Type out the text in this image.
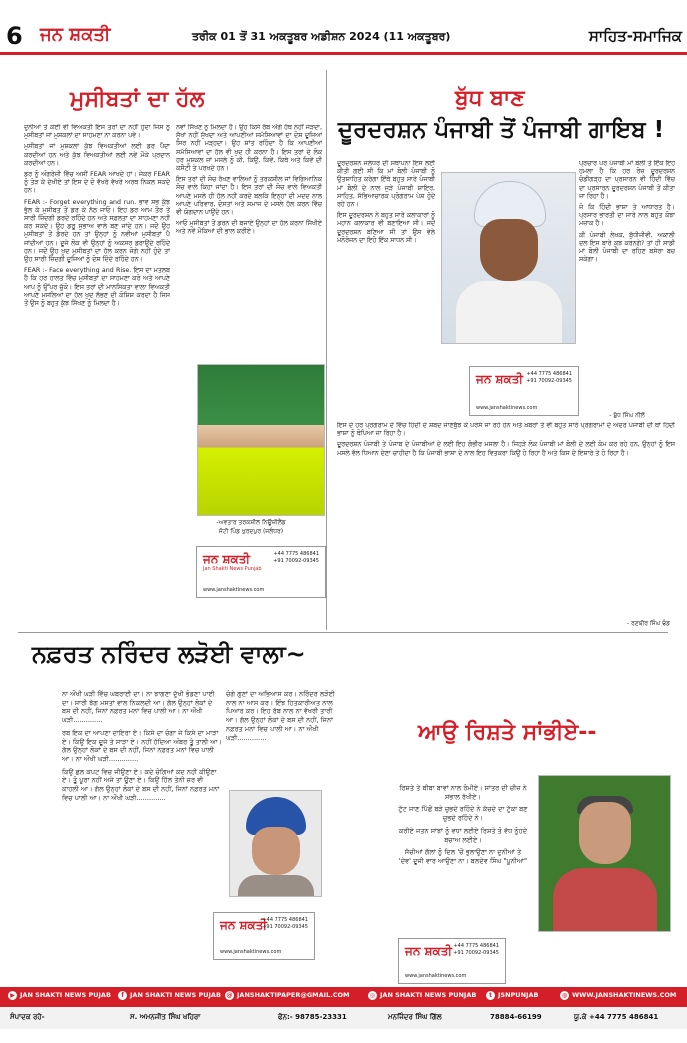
6 ਜਨ ਸ਼ਕਤੀ	ਤਰੀਕ 01 ਤੋਂ 31 ਅਕਤੂਬਰ ਅਡੀਸ਼ਨ 2024 (11 ਅਕਤੂਬਰ)	ਸਾਹਿਤ-ਸਮਾਜਿਕ
ਮੁਸੀਬਤਾਂ ਦਾ ਹੱਲ

ਦੁਨੀਆਂ ਤੇ ਕੋਈ ਵੀ ਵਿਅਕਤੀ ਇਸ ਤਰਾਂ ਦਾ ਨਹੀਂ ਹੁੰਦਾ ਜਿਸ ਨੂੰ ਮੁਸੀਬਤਾਂ ਜਾਂ ਮੁਸ਼ਕਲਾਂ ਦਾ ਸਾਹਮਣਾ ਨਾ ਕਰਨਾ ਪਵੇ।

ਮੁਸੀਬਤਾਂ ਜਾਂ ਮੁਸ਼ਕਲਾਂ ਕੁੱਝ ਵਿਅਕਤੀਆਂ ਲਈ ਡਰ ਪੈਦਾ ਕਰਦੀਆਂ ਹਨ ਅਤੇ ਕੁੱਝ ਵਿਅਕਤੀਆਂ ਲਈ ਨਵੇਂ ਮੌਕੇ ਪ੍ਰਦਾਨ ਕਰਦੀਆਂ ਹਨ।

ਡਰ ਨੂੰ ਅੰਗਰੇਜ਼ੀ ਵਿੱਚ ਅਸੀਂ FEAR ਆਖਦੇ ਹਾਂ। ਜੇਕਰ FEAR ਨੂੰ ਤੋੜ ਕੇ ਦੇਖੀਏ ਤਾਂ ਇਸ ਦੇ ਦੋ ਵੱਖਰੇ ਵੱਖਰੇ ਅਰਥ ਨਿਕਲ ਸਕਦੇ ਹਨ।

FEAR :- Forget everything and run. ਭਾਵ ਸਭ ਕੁੱਝ ਭੁੱਲ ਕੇ ਮੁਸੀਬਤ ਤੋਂ ਡਰ ਕੇ ਨੱਠ ਜਾਓ। ਇਹ ਡਰ ਆਮ ਤੌਰ ਤੇ ਸਾਰੀ ਜ਼ਿੰਦਗੀ ਡਰਦੇ ਰਹਿੰਦੇ ਹਨ ਅਤੇ ਸਫ਼ਲਤਾ ਦਾ ਸਾਹਮਣਾ ਨਹੀਂ ਕਰ ਸਕਦੇ। ਉਹ ਡਰੂ ਸੁਭਾਅ ਵਾਲੇ ਬਣ ਜਾਂਦੇ ਹਨ। ਜਦੋਂ ਉਹ ਮੁਸੀਬਤਾਂ ਤੋਂ ਡੱਰਦੇ ਹਨ ਤਾਂ ਉਨ੍ਹਾਂ ਨੂੰ ਨਵੀਆਂ ਮੁਸੀਬਤਾਂ ਪੈ ਜਾਂਦੀਆਂ ਹਨ। ਦੂਜੇ ਲੋਕ ਵੀ ਉਨ੍ਹਾਂ ਨੂੰ ਅਕਸਰ ਡਰਾਉਂਦੇ ਰਹਿੰਦੇ ਹਨ। ਜਦੋਂ ਉਹ ਖੁਦ ਮੁਸੀਬਤਾਂ ਦਾ ਹੱਲ ਕਰਨ ਜੋਗੇ ਨਹੀਂ ਹੁੰਦੇ ਤਾਂ ਉਹ ਸਾਰੀ ਜ਼ਿੰਦਗੀ ਦੂਜਿਆਂ ਨੂੰ ਦੋਸ਼ ਦਿੰਦੇ ਰਹਿੰਦੇ ਹਨ।

FEAR :- Face everything and Rise. ਇਸ ਦਾ ਮਤਲਬ ਹੈ ਕਿ ਹਰ ਹਾਲਤ ਵਿੱਚ ਮੁਸੀਬਤਾਂ ਦਾ ਸਾਹਮਣਾ ਕਰੋ ਅਤੇ ਆਪਣੇ ਆਪ ਨੂੰ ਉੱਪਰ ਚੁੱਕੋ। ਇਸ ਤਰਾਂ ਦੀ ਮਾਨਸਿਕਤਾ ਵਾਲਾ ਵਿਅਕਤੀ ਆਪਣੇ ਮਸਲਿਆਂ ਦਾ ਹੱਲ ਖੁਦ ਲੱਭਣ ਦੀ ਕੋਸ਼ਿਸ਼ ਕਰਦਾ ਹੈ ਜਿਸ ਤੋਂ ਉਸ ਨੂੰ ਬਹੁਤ ਕੁੱਝ ਸਿੱਖਣ ਨੂੰ ਮਿਲਦਾ ਹੈ।

ਨਵਾਂ ਸਿੱਖਣ ਨੂੰ ਮਿਲਦਾ ਹੈ। ਉਹ ਕਿਸੇ ਰੱਬ ਅੱਗੇ ਹੱਥ ਨਹੀਂ ਜੋੜਦਾ, ਸੁੱਖਾਂ ਨਹੀਂ ਸੁੱਖਦਾ ਅਤੇ ਆਪਣੀਆਂ ਸਮੱਸਿਆਵਾਂ ਦਾ ਦੋਸ਼ ਦੂਜਿਆਂ ਸਿਰ ਨਹੀਂ ਮੜ੍ਹਦਾ। ਉਹ ਸ਼ਾਂਤ ਰਹਿੰਦਾ ਹੈ ਕਿ ਆਪਣੀਆਂ ਸਮੱਸਿਆਵਾਂ ਦਾ ਹੱਲ ਵੀ ਖੁਦ ਹੀ ਕਰਨਾ ਹੈ। ਇਸ ਤਰਾਂ ਦੇ ਲੋਕ ਹਰ ਮੁਸ਼ਕਲ ਜਾਂ ਮਸਲੇ ਨੂੰ ਕੀ, ਕਿਉਂ, ਕਿਵੇਂ, ਕਿਥੇ ਅਤੇ ਕਿਵੇਂ ਦੀ ਕਸੌਟੀ ਤੇ ਪਰਖਦੇ ਹਨ।

ਇਸ ਤਰਾਂ ਦੀ ਸੋਚ ਰੱਖਣ ਵਾਲਿਆਂ ਨੂੰ ਤਰਕਸ਼ੀਲ ਜਾਂ ਵਿਗਿਆਨਿਕ ਸੋਚ ਵਾਲੇ ਕਿਹਾ ਜਾਂਦਾ ਹੈ। ਇਸ ਤਰਾਂ ਦੀ ਸੋਚ ਵਾਲੇ ਵਿਅਕਤੀ ਆਪਣੇ ਮਸਲੇ ਹੀ ਹੱਲ ਨਹੀਂ ਕਰਦੇ ਬਲਕਿ ਇਨ੍ਹਾਂ ਦੀ ਮਦਦ ਨਾਲ ਆਪਣੇ ਪਰਿਵਾਰ, ਦੋਸਤਾਂ ਅਤੇ ਸਮਾਜ ਦੇ ਮਸਲੇ ਹੱਲ ਕਰਨ ਵਿੱਚ ਵੀ ਯੋਗਦਾਨ ਪਾਉਂਦੇ ਹਨ।

ਆਓ ਮੁਸੀਬਤਾਂ ਤੋਂ ਡਰਨ ਦੀ ਬਜਾਏ ਉਨ੍ਹਾਂ ਦਾ ਹੱਲ ਕਰਨਾ ਸਿੱਖੀਏ ਅਤੇ ਨਵੇਂ ਮੌਕਿਆਂ ਦੀ ਭਾਲ ਕਰੀਏ।

-ਅਵਤਾਰ ਤਰਕਸ਼ੀਲ ਨਿਊਜ਼ੀਲੈਂਡ
ਜੱਟੀ ਪਿੰਡ ਖੁਰਦਪੁਰ (ਜਲੰਧਰ)
ਜਨ ਸ਼ਕਤੀ	+44 7775 486841
+91 70092-09345
Jan Shakti News Punjab
www.janshaktinews.com
ਬੁੱਧ ਬਾਣ
ਦੂਰਦਰਸ਼ਨ ਪੰਜਾਬੀ ਤੋਂ ਪੰਜਾਬੀ ਗਾਇਬ !

ਦੂਰਦਰਸ਼ਨ ਜਲੰਧਰ ਦੀ ਸਥਾਪਨਾ ਇਸ ਲਈ ਕੀਤੀ ਗਈ ਸੀ ਕਿ ਮਾਂ ਬੋਲੀ ਪੰਜਾਬੀ ਨੂੰ ਉਤਸ਼ਾਹਿਤ ਕਰੇਗਾ ਇੱਥੇ ਬਹੁਤ ਸਾਰੇ ਪੰਜਾਬੀ ਮਾਂ ਬੋਲੀ ਦੇ ਨਾਲ ਜੁੜੇ ਪੰਜਾਬੀ ਸ਼ਾਇਰ, ਸਾਹਿਤ, ਸੱਭਿਆਚਾਰਕ ਪ੍ਰੋਗਰਾਮ ਪੇਸ਼ ਹੁੰਦੇ ਰਹੇ ਹਨ।

ਇਸ ਦੂਰਦਰਸ਼ਨ ਨੇ ਬਹੁਤ ਸਾਰੇ ਕਲਾਕਾਰਾਂ ਨੂੰ ਮਹਾਨ ਕਲਾਕਾਰ ਵੀ ਬਣਾਇਆ ਸੀ। ਜਦੋਂ ਦੂਰਦਰਸ਼ਨ ਬਣਿਆ ਸੀ ਤਾਂ ਉਸ ਵੇਲੇ ਮਨੋਰੰਜਨ ਦਾ ਇਹੋ ਇੱਕ ਸਾਧਨ ਸੀ।

ਪ੍ਰਚਾਰ ਪਰ ਪੰਜਾਬੀ ਮਾਂ ਬੋਲੀ ਤੇ ਇੱਕ ਇਹ ਹਮਲਾ ਹੈ ਕਿ ਹਰ ਰੋਜ਼ ਦੂਰਦਰਸ਼ਨ ਚੰਡੀਗੜ੍ਹ ਦਾ ਪ੍ਰਸਾਰਨ ਵੀ ਹਿੰਦੀ ਵਿੱਚ ਦਾ ਪ੍ਰਸਾਰਨ ਦੂਰਦਰਸ਼ਨ ਪੰਜਾਬੀ ਤੋਂ ਕੀਤਾ ਜਾ ਰਿਹਾ ਹੈ।

ਜੋ ਕਿ ਹਿੰਦੀ ਭਾਸ਼ਾ ਤੇ ਆਧਾਰਤ ਹੈ। ਪ੍ਰਸਾਰ ਭਾਰਤੀ ਦਾ ਸਾਰੇ ਨਾਲ ਬਹੁਤ ਕੋਝਾ ਮਜ਼ਾਕ ਹੈ।

ਕੀ ਪੰਜਾਬੀ ਲੇਖਕ, ਬੁੱਧੀਜੀਵੀ, ਅਕਾਲੀ ਦਲ ਇਸ ਬਾਰੇ ਕੁਝ ਕਰਨਗੇ? ਤਾਂ ਹੀ ਸਾਡੀ ਮਾਂ ਬੋਲੀ ਪੰਜਾਬੀ ਦਾ ਰਹਿਣ ਬਸੇਰਾ ਬਚ ਸਕੇਗਾ।

- ਬੁੱਧ ਸਿੰਘ ਨੀਲੋਂ
ਜਨ ਸ਼ਕਤੀ +44 7775 486841
+91 70092-09345
www.janshaktinews.com

ਇਸ ਦੇ ਹਰ ਪ੍ਰੋਗਰਾਮ ਦੇ ਵਿੱਚ ਹਿੰਦੀ ਦੇ ਸ਼ਬਦ ਜਾਣਬੁੱਝ ਕੇ ਪਰੋਸੇ ਜਾ ਰਹੇ ਹਨ ਅਤੇ ਖ਼ਬਰਾਂ ਤੇ ਵੀ ਬਹੁਤ ਸਾਰੇ ਪ੍ਰੋਗਰਾਮਾਂ ਦੇ ਅੰਦਰ ਪੰਜਾਬੀ ਦੀ ਥਾਂ ਹਿੰਦੀ ਭਾਸ਼ਾ ਨੂੰ ਥੋਪਿਆ ਜਾ ਰਿਹਾ ਹੈ।

ਦੂਰਦਰਸ਼ਨ ਪੰਜਾਬੀ ਤੇ ਪੰਜਾਬ ਦੇ ਪੰਜਾਬੀਆਂ ਦੇ ਲਈ ਇਹ ਗੰਭੀਰ ਮਸਲਾ ਹੈ। ਜਿਹੜੇ ਲੋਕ ਪੰਜਾਬੀ ਮਾਂ ਬੋਲੀ ਦੇ ਲਈ ਕੰਮ ਕਰ ਰਹੇ ਹਨ, ਉਨ੍ਹਾਂ ਨੂੰ ਇਸ ਮਸਲੇ ਵੱਲ ਧਿਆਨ ਦੇਣਾ ਚਾਹੀਦਾ ਹੈ ਕਿ ਪੰਜਾਬੀ ਭਾਸ਼ਾ ਦੇ ਨਾਲ ਇਹ ਵਿਤਕਰਾ ਕਿਉਂ ਹੋ ਰਿਹਾ ਹੈ ਅਤੇ ਕਿਸ ਦੇ ਇਸ਼ਾਰੇ ਤੇ ਹੋ ਰਿਹਾ ਹੈ।

- ਰਣਬੀਰ ਸਿੰਘ ਢੰਡ
ਨਫ਼ਰਤ ਨਰਿੰਦਰ ਲੜੋਈ ਵਾਲਾ~

ਨਾ ਔਖੀ ਘੜੀ ਵਿੱਚ ਘਬਰਾਈ ਦਾ। ਨਾ ਝਾਗਣਾ ਦੁੱਖੀ ਭੰਡਣਾ ਪਾਈ ਦਾ। ਸਾਰੀ ਝੱਗ ਮਸਤਾਂ ਵਾਲ ਨਿਕਲਦੀ ਆ। ਗੱਲ ਉਨ੍ਹਾਂ ਲੋਕਾਂ ਦੇ ਬਸ ਦੀ ਨਹੀਂ, ਜਿਨਾਂ ਨਫ਼ਰਤ ਮਨਾਂ ਵਿਚ ਪਾਲੀ ਆ। ਨਾ ਔਖੀ ਘੜੀ..............

ਰਬ ਇਕ ਦਾ ਆਪਣਾ ਦਾਇਰਾ ਏ। ਕਿਸੇ ਦਾ ਚੰਗਾ ਜੇ ਕਿਸੇ ਦਾ ਮਾੜਾ ਏ। ਕਿਉਂ ਇਕ ਦੂਜੇ ਤੇ ਸਾੜਾ ਏ। ਨਹੀਂ ਹੱਦਿਆ ਅੰਬਰ ਤੂੰ ਤਾਲੀ ਆ। ਗੱਲ ਉਨ੍ਹਾਂ ਲੋਕਾਂ ਦੇ ਬਸ ਦੀ ਨਹੀਂ, ਜਿਨਾਂ ਨਫ਼ਰਤ ਮਨਾਂ ਵਿਚ ਪਾਲੀ ਆ। ਨਾ ਔਖੀ ਘੜੀ..............

ਕਿਉਂ ਛਲ ਕਪਟ ਵਿਚ ਜੀਉਣਾ ਏ। ਕਦੇ ਚੰਗਿਆਂ ਕਦ ਨਹੀਂ ਕੀਉਣਾ ਏ। ਤੂੰ ਪੂਰਾ ਨਹੀਂ ਅਜੇ ਤਾਂ ਊਣਾ ਏ। ਕਿਉਂ ਹਿੱਲ ਤੇਨੀ ਜ਼ਰ ਵੀ ਕਾਹਲੀ ਆ। ਗੱਲ ਉਨ੍ਹਾਂ ਲੋਕਾਂ ਦੇ ਬਸ ਦੀ ਨਹੀਂ, ਜਿਨਾਂ ਨਫ਼ਰਤ ਮਨਾਂ ਵਿਚ ਪਾਲੀ ਆ। ਨਾ ਔਖੀ ਘੜੀ..............

ਚੰਗੇ ਗੁਣਾਂ ਦਾ ਅਭਿਆਸ ਕਰ। ਨਰਿੰਦਰ ਲੜੋਈ ਨਾਲ ਨਾ ਆਸ ਕਰ। ਇੰਝ ਹਿਤਕਾਰੀਅਤ ਨਾਲ ਪਿਆਰ ਕਰ। ਇਹ ਰੱਬ ਨਾਲ ਨਾ ਵੱਖਰੀ ਤਾਰੀ ਆ। ਗੱਲ ਉਨ੍ਹਾਂ ਲੋਕਾਂ ਦੇ ਬਸ ਦੀ ਨਹੀਂ, ਜਿਨਾਂ ਨਫ਼ਰਤ ਮਨਾਂ ਵਿਚ ਪਾਲੀ ਆ। ਨਾ ਔਖੀ ਘੜੀ..............

ਜਨ ਸ਼ਕਤੀ
+44 7775 486841
+91 70092-09345
www.janshaktinews.com
ਆਉ ਰਿਸ਼ਤੇ ਸਾਂਭੀਏ--

ਰਿਸ਼ਤੇ ਤੇ ਬੀਬਾ ਬਾਵਾਂ ਨਾਲ ਰੰਮੀਏ। ਸਾਂਤਰ ਦੀ ਚੀਜ਼ ਨੇ ਸਂਭਾਲ ਰੱਖੀਏ।

ਟੁੱਟ ਜਾਣ ਪਿੱਛੋਂ ਬੜੇ ਚੁਭਦੇ ਰਹਿੰਦੇ ਨੇ ਕੱਚਦੇ ਦਾ ਟੁੱਕਾ ਬਣ ਚੁਭਦੇ ਰਹਿੰਦੇ ਨੇ।

ਕਰੀਏ ਜਤਨ ਸਾਂਝਾਂ ਨੂੰ ਵਧਾ ਲਈਏ ਰਿਸ਼ਤੇ ਤੋ ਵੱਧ ਨੂੰਹਦੇ ਬਚਾਅ ਲਈਏ।

ਸੱਚੀਆਂ ਗੱਲਾਂ ਨੂੰ ਦਿਲ 'ਚੋਂ ਭੁਲਾਉਣਾ ਨਾ ਦੁਨੀਆਂ ਤੇ 'ਦੇਵ' ਦੂਜੀ ਵਾਰ ਆਉਣਾ ਨਾ। ਬਲਦੇਵ ਸਿੰਘ "ਪੂਨੀਆਂ"

ਜਨ ਸ਼ਕਤੀ +44 7775 486841
+91 70092-09345
www.janshaktinews.com
▶ JAN SHAKTI NEWS PUJAB	f JAN SHAKTI NEWS PUJAB @ JANSHAKTIPAPER@GMAIL.COM	◎ JAN SHAKTI NEWS PUNJAB	t JSNPUNJAB	◍ WWW.JANSHAKTINEWS.COM
ਸੰਪਾਦਕ ਰਹੇ-	ਸ. ਅਮਨਜੀਤ ਸਿੰਘ ਖਹਿਰਾ	ਫੋਨ:- 98785-23331	ਮਨਜਿੰਦਰ ਸਿੰਘ ਗਿੱਲ	78884-66199	ਯੂ.ਕੇ +44 7775 486841
